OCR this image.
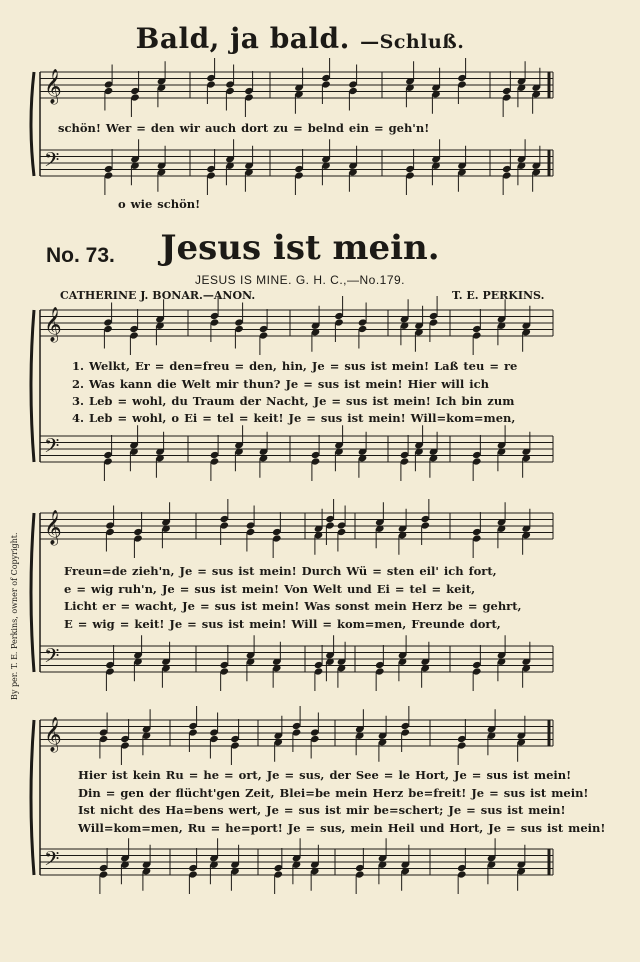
Bald, ja bald. —Schluß.
No. 73.	Jesus ist mein.
JESUS IS MINE. G. H. C.,—No.179.
CATHERINE J. BONAR.—ANON.	T. E. PERKINS.
By per. T. E. Perkins, owner of Copyright.
schön! Wer = den wir auch dort zu = belnd ein = geh'n!
o wie schön!
1. Welkt, Er = den=freu = den, hin, Je = sus ist mein! Laß teu = re
2. Was kann die Welt mir thun? Je = sus ist mein! Hier will ich
3. Leb = wohl, du Traum der Nacht, Je = sus ist mein! Ich bin zum
4. Leb = wohl, o Ei = tel = keit! Je = sus ist mein! Will=kom=men,
Freun=de zieh'n, Je = sus ist mein! Durch Wü = sten eil' ich fort,
e = wig ruh'n, Je = sus ist mein! Von Welt und Ei = tel = keit,
Licht er = wacht, Je = sus ist mein! Was sonst mein Herz be = gehrt,
E = wig = keit! Je = sus ist mein! Will = kom=men, Freunde dort,
Hier ist kein Ru = he = ort, Je = sus, der See = le Hort, Je = sus ist mein!
Din = gen der flücht'gen Zeit, Blei=be mein Herz be=freit! Je = sus ist mein!
Ist nicht des Ha=bens wert, Je = sus ist mir be=schert; Je = sus ist mein!
Will=kom=men, Ru = he=port! Je = sus, mein Heil und Hort, Je = sus ist mein!
𝄞
𝄢
𝄞
𝄢
𝄞
𝄢
𝄞
𝄢
